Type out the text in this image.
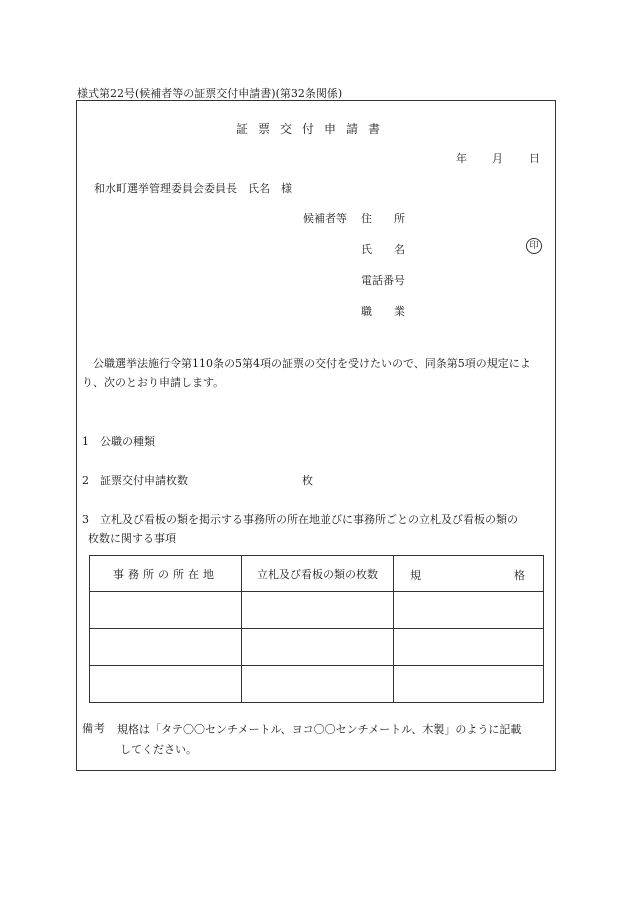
様式第22号(候補者等の証票交付申請書)(第32条関係)
証票交付申請書
年 月 日
和水町選挙管理委員会委員長　氏名　様
候補者等 住　　所
氏　　名
電話番号
職　　業
印
公職選挙法施行令第110条の5第4項の証票の交付を受けたいので、同条第5項の規定により、次のとおり申請します。
1　公職の種類
2　証票交付申請枚数	枚
3　立札及び看板の類を掲示する事務所の所在地並びに事務所ごとの立札及び看板の類の
枚数に関する事項
事務所の所在地	立札及び看板の類の枚数	規 格

備考 規格は「タテ〇〇センチメートル、ヨコ〇〇センチメートル、木製」のように記載
してください。
